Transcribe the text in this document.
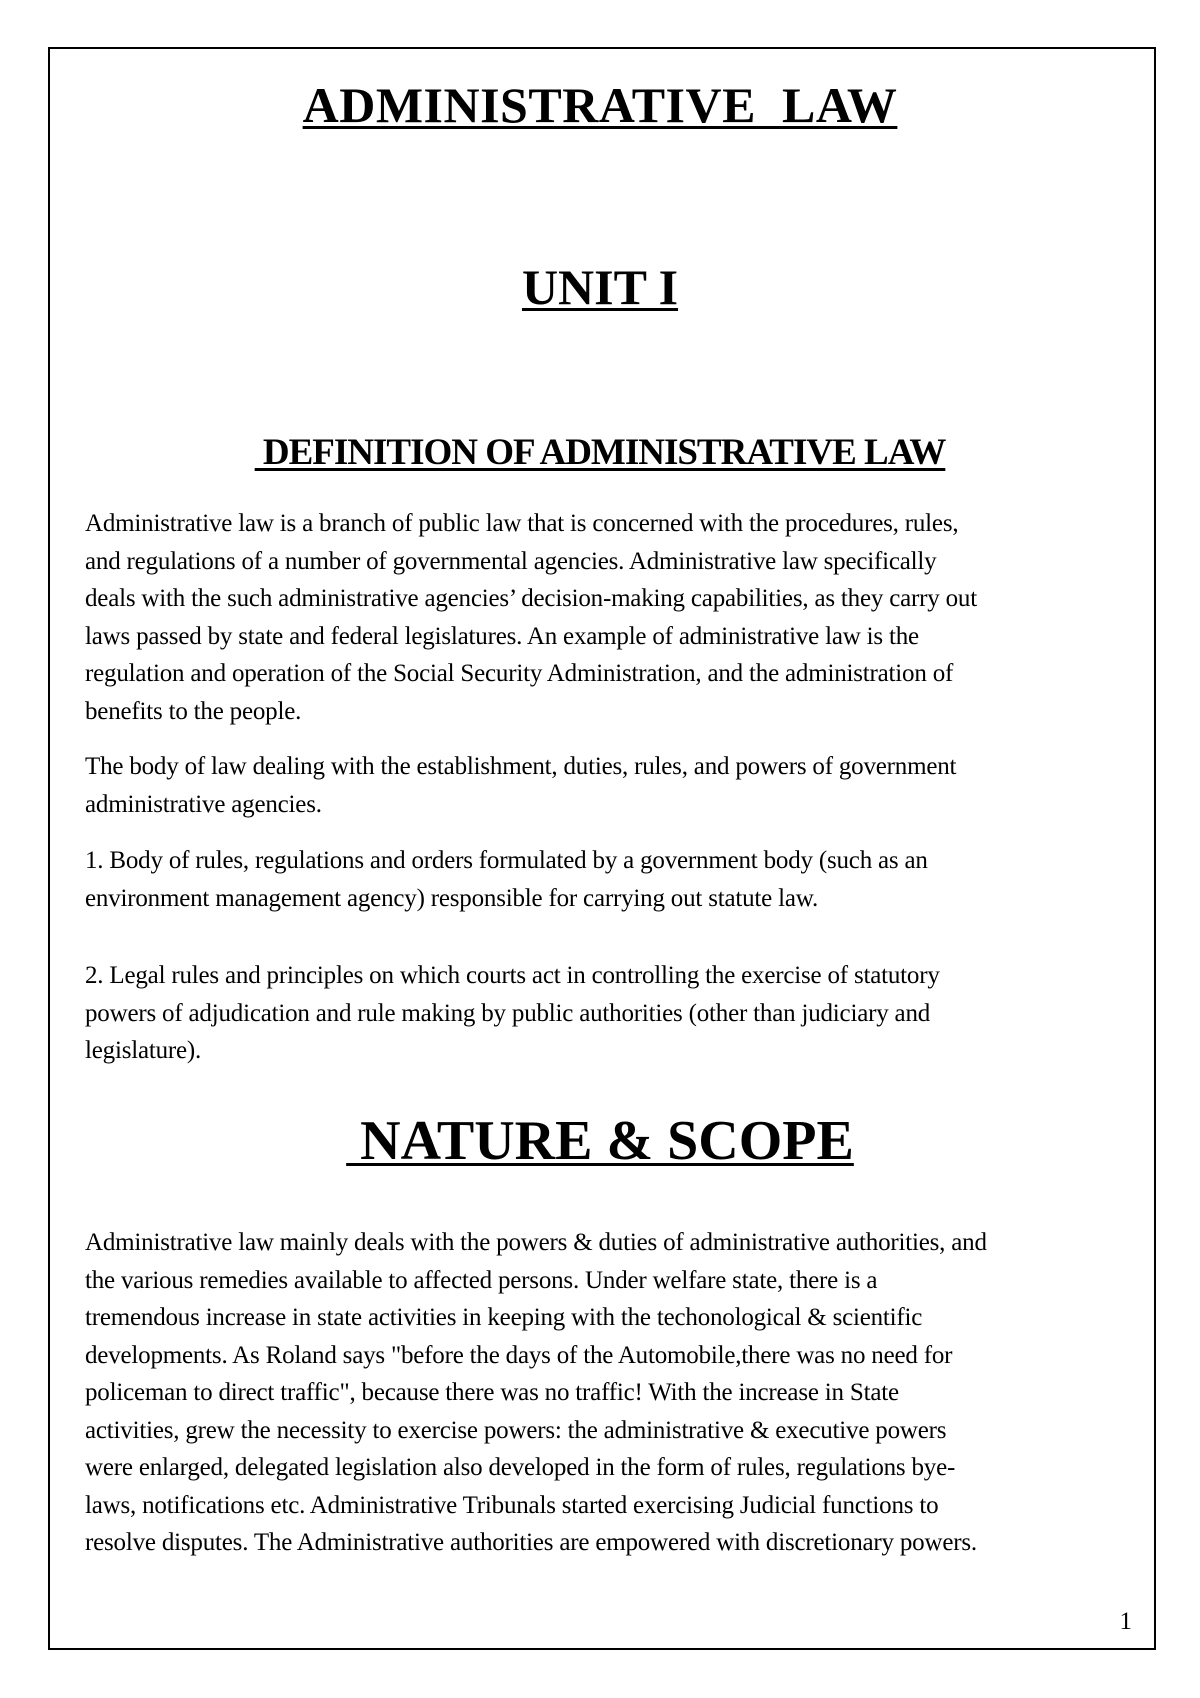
ADMINISTRATIVE  LAW
UNIT I
DEFINITION OF ADMINISTRATIVE LAW

Administrative law is a branch of public law that is concerned with the procedures, rules,
and regulations of a number of governmental agencies. Administrative law specifically
deals with the such administrative agencies’ decision-making capabilities, as they carry out
laws passed by state and federal legislatures. An example of administrative law is the
regulation and operation of the Social Security Administration, and the administration of
benefits to the people.

The body of law dealing with the establishment, duties, rules, and powers of government
administrative agencies.

1. Body of rules, regulations and orders formulated by a government body (such as an
environment management agency) responsible for carrying out statute law.

2. Legal rules and principles on which courts act in controlling the exercise of statutory
powers of adjudication and rule making by public authorities (other than judiciary and
legislature).

NATURE & SCOPE

Administrative law mainly deals with the powers & duties of administrative authorities, and
the various remedies available to affected persons. Under welfare state, there is a
tremendous increase in state activities in keeping with the techonological & scientific
developments. As Roland says "before the days of the Automobile,there was no need for
policeman to direct traffic", because there was no traffic! With the increase in State
activities, grew the necessity to exercise powers: the administrative & executive powers
were enlarged, delegated legislation also developed in the form of rules, regulations bye-
laws, notifications etc. Administrative Tribunals started exercising Judicial functions to
resolve disputes. The Administrative authorities are empowered with discretionary powers.

1
